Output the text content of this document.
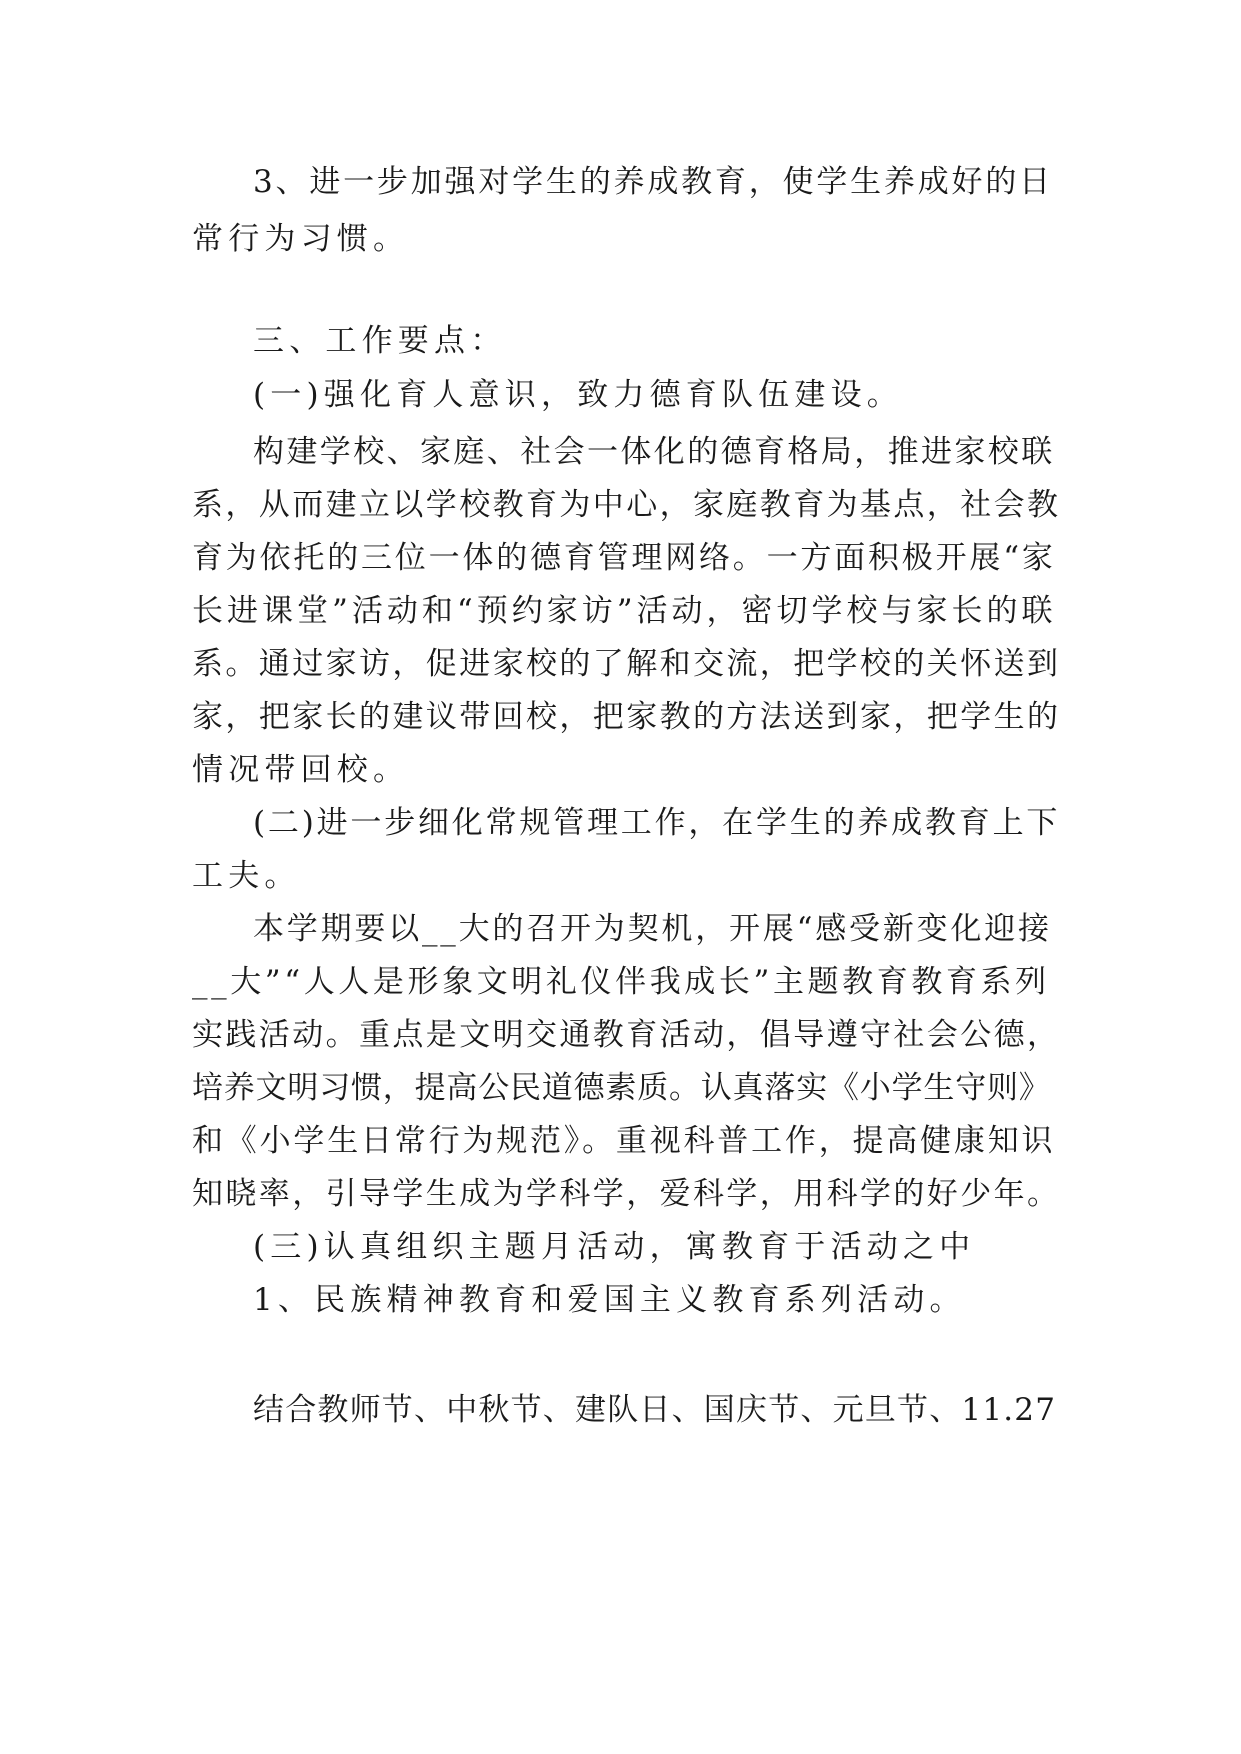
3、进一步加强对学生的养成教育，使学生养成好的日
常行为习惯。
三、工作要点：
(一)强化育人意识，致力德育队伍建设。
构建学校、家庭、社会一体化的德育格局，推进家校联
系，从而建立以学校教育为中心，家庭教育为基点，社会教
育为依托的三位一体的德育管理网络。一方面积极开展“家
长进课堂”活动和“预约家访”活动，密切学校与家长的联
系。通过家访，促进家校的了解和交流，把学校的关怀送到
家，把家长的建议带回校，把家教的方法送到家，把学生的
情况带回校。
(二)进一步细化常规管理工作，在学生的养成教育上下
工夫。
本学期要以__大的召开为契机，开展“感受新变化迎接
__大”“人人是形象文明礼仪伴我成长”主题教育教育系列
实践活动。重点是文明交通教育活动，倡导遵守社会公德，
培养文明习惯，提高公民道德素质。认真落实《小学生守则》
和《小学生日常行为规范》。重视科普工作，提高健康知识
知晓率，引导学生成为学科学，爱科学，用科学的好少年。
(三)认真组织主题月活动，寓教育于活动之中
1、民族精神教育和爱国主义教育系列活动。
结合教师节、中秋节、建队日、国庆节、元旦节、11.27
